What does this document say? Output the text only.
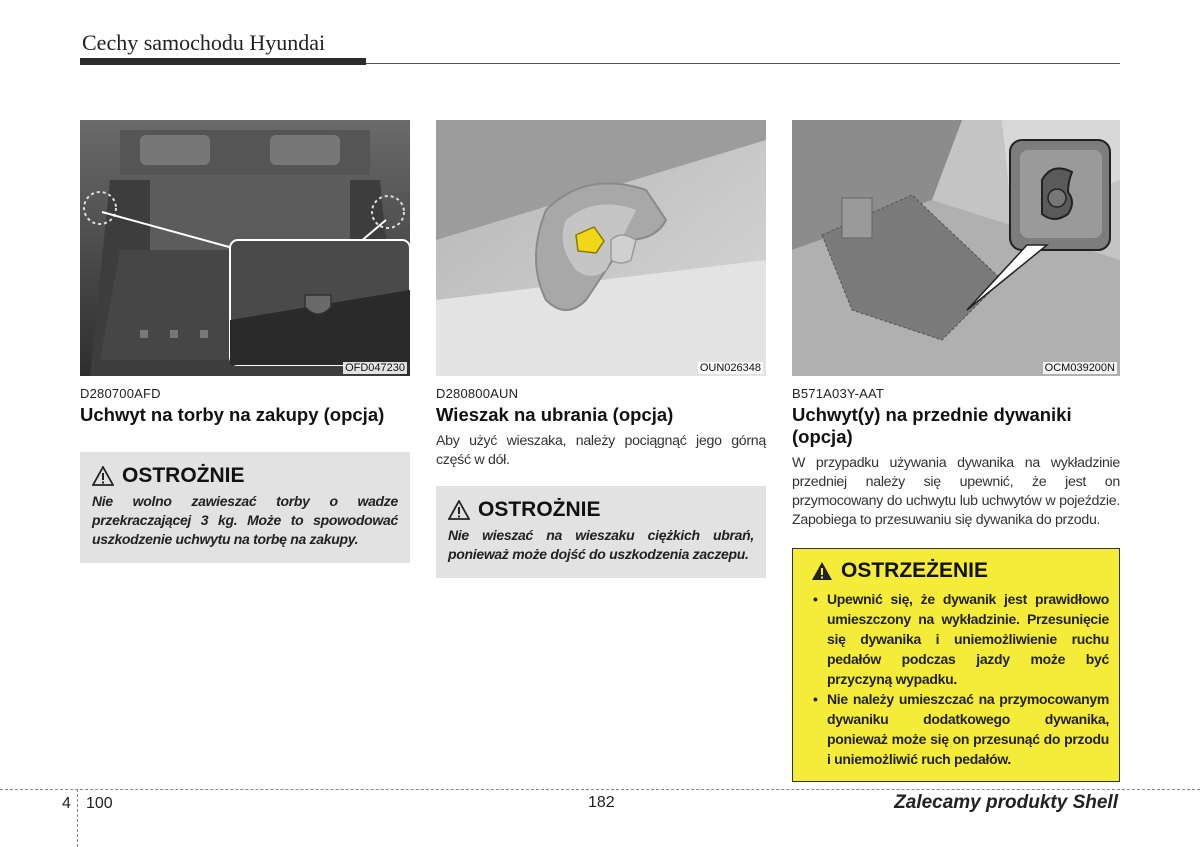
Cechy samochodu Hyundai
OFD047230
D280700AFD
Uchwyt na torby na zakupy (opcja)
OSTROŻNIE
Nie wolno zawieszać torby o wadze przekraczającej 3 kg. Może to spowodować uszkodzenie uchwytu na torbę na zakupy.
OUN026348
D280800AUN
Wieszak na ubrania (opcja)
Aby użyć wieszaka, należy pociągnąć jego górną część w dół.
OSTROŻNIE
Nie wieszać na wieszaku ciężkich ubrań, ponieważ może dojść do uszkodzenia zaczepu.
OCM039200N
B571A03Y-AAT
Uchwyt(y) na przednie dywaniki (opcja)
W przypadku używania dywanika na wykładzinie przedniej należy się upewnić, że jest on przymocowany do uchwytu lub uchwytów w pojeździe. Zapobiega to przesuwaniu się dywanika do przodu.
OSTRZEŻENIE
• Upewnić się, że dywanik jest prawidłowo umieszczony na wykładzinie. Przesunięcie się dywanika i uniemożliwienie ruchu pedałów podczas jazdy może być przyczyną wypadku.
• Nie należy umieszczać na przymocowanym dywaniku dodatkowego dywanika, ponieważ może się on przesunąć do przodu i uniemożliwić ruch pedałów.
4 100	182	Zalecamy produkty Shell
